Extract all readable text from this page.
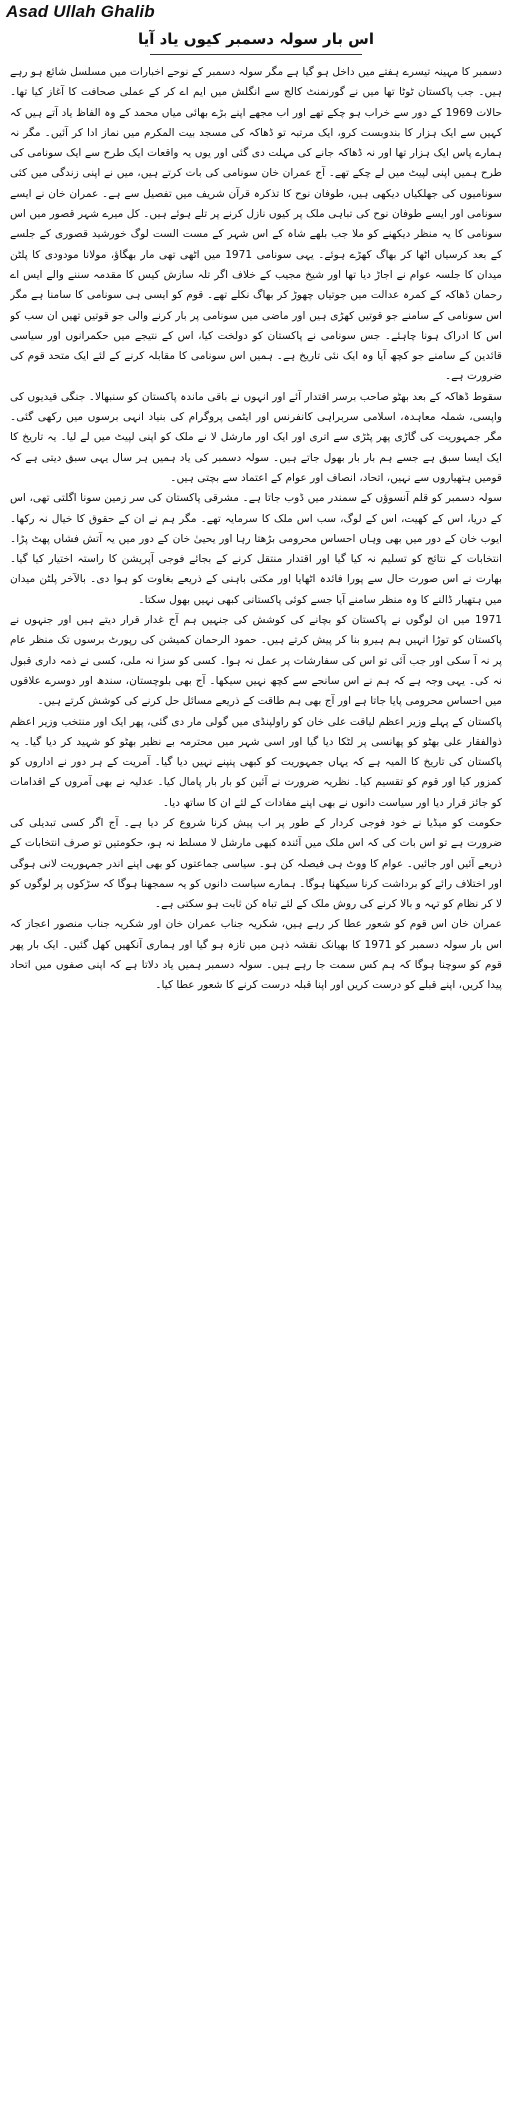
Asad Ullah Ghalib
اس بار سولہ دسمبر کیوں یاد آیا

دسمبر کا مہینہ تیسرے ہفتے میں داخل ہو گیا ہے مگر سولہ دسمبر کے نوحے اخبارات میں مسلسل شائع ہو رہے ہیں۔ جب پاکستان ٹوٹا تھا میں نے گورنمنٹ کالج سے انگلش میں ایم اے کر کے عملی صحافت کا آغاز کیا تھا۔ حالات 1969 کے دور سے خراب ہو چکے تھے اور اب مجھے اپنے بڑے بھائی میاں محمد کے وہ الفاظ یاد آتے ہیں کہ کہیں سے ایک ہزار کا بندوبست کرو، ایک مرتبہ تو ڈھاکہ کی مسجد بیت المکرم میں نماز ادا کر آئیں۔ مگر نہ ہمارے پاس ایک ہزار تھا اور نہ ڈھاکہ جانے کی مہلت دی گئی اور یوں یہ واقعات ایک طرح سے ایک سونامی کی طرح ہمیں اپنی لپیٹ میں لے چکے تھے۔ آج عمران خان سونامی کی بات کرتے ہیں، میں نے اپنی زندگی میں کئی سونامیوں کی جھلکیاں دیکھی ہیں، طوفان نوح کا تذکرہ قرآن شریف میں تفصیل سے ہے۔ عمران خان نے ایسے سونامی اور ایسے طوفان نوح کی تباہی ملک پر کیوں نازل کرنے پر تلے ہوئے ہیں۔ کل میرے شہر قصور میں اس سونامی کا یہ منظر دیکھنے کو ملا جب بلھے شاہ کے اس شہر کے مست الست لوگ خورشید قصوری کے جلسے کے بعد کرسیاں اٹھا کر بھاگ کھڑے ہوئے۔ یہی سونامی 1971 میں اٹھی تھی مار بھگاؤ، مولانا مودودی کا پلٹن میدان کا جلسہ عوام نے اجاڑ دیا تھا اور شیخ مجیب کے خلاف اگر تلہ سازش کیس کا مقدمہ سننے والے ایس اے رحمان ڈھاکہ کے کمرہ عدالت میں جوتیاں چھوڑ کر بھاگ نکلے تھے۔ قوم کو ایسی ہی سونامی کا سامنا ہے مگر اس سونامی کے سامنے جو قوتیں کھڑی ہیں اور ماضی میں سونامی پر بار کرنے والی جو قوتیں تھیں ان سب کو اس کا ادراک ہونا چاہئے۔ جس سونامی نے پاکستان کو دولخت کیا، اس کے نتیجے میں حکمرانوں اور سیاسی قائدین کے سامنے جو کچھ آیا وہ ایک نئی تاریخ ہے۔ ہمیں اس سونامی کا مقابلہ کرنے کے لئے ایک متحد قوم کی ضرورت ہے۔

سقوط ڈھاکہ کے بعد بھٹو صاحب برسر اقتدار آئے اور انہوں نے باقی ماندہ پاکستان کو سنبھالا۔ جنگی قیدیوں کی واپسی، شملہ معاہدہ، اسلامی سربراہی کانفرنس اور ایٹمی پروگرام کی بنیاد انہی برسوں میں رکھی گئی۔ مگر جمہوریت کی گاڑی پھر پٹڑی سے اتری اور ایک اور مارشل لا نے ملک کو اپنی لپیٹ میں لے لیا۔ یہ تاریخ کا ایک ایسا سبق ہے جسے ہم بار بار بھول جاتے ہیں۔ سولہ دسمبر کی یاد ہمیں ہر سال یہی سبق دیتی ہے کہ قومیں ہتھیاروں سے نہیں، اتحاد، انصاف اور عوام کے اعتماد سے بچتی ہیں۔

سولہ دسمبر کو قلم آنسوؤں کے سمندر میں ڈوب جاتا ہے۔ مشرقی پاکستان کی سر زمین سونا اگلتی تھی، اس کے دریا، اس کے کھیت، اس کے لوگ، سب اس ملک کا سرمایہ تھے۔ مگر ہم نے ان کے حقوق کا خیال نہ رکھا۔ ایوب خان کے دور میں بھی وہاں احساس محرومی بڑھتا رہا اور یحییٰ خان کے دور میں یہ آتش فشاں پھٹ پڑا۔ انتخابات کے نتائج کو تسلیم نہ کیا گیا اور اقتدار منتقل کرنے کے بجائے فوجی آپریشن کا راستہ اختیار کیا گیا۔ بھارت نے اس صورت حال سے پورا فائدہ اٹھایا اور مکتی باہنی کے ذریعے بغاوت کو ہوا دی۔ بالآخر پلٹن میدان میں ہتھیار ڈالنے کا وہ منظر سامنے آیا جسے کوئی پاکستانی کبھی نہیں بھول سکتا۔

1971 میں ان لوگوں نے پاکستان کو بچانے کی کوشش کی جنہیں ہم آج غدار قرار دیتے ہیں اور جنہوں نے پاکستان کو توڑا انہیں ہم ہیرو بنا کر پیش کرتے ہیں۔ حمود الرحمان کمیشن کی رپورٹ برسوں تک منظر عام پر نہ آ سکی اور جب آئی تو اس کی سفارشات پر عمل نہ ہوا۔ کسی کو سزا نہ ملی، کسی نے ذمہ داری قبول نہ کی۔ یہی وجہ ہے کہ ہم نے اس سانحے سے کچھ نہیں سیکھا۔ آج بھی بلوچستان، سندھ اور دوسرے علاقوں میں احساس محرومی پایا جاتا ہے اور آج بھی ہم طاقت کے ذریعے مسائل حل کرنے کی کوشش کرتے ہیں۔

پاکستان کے پہلے وزیر اعظم لیاقت علی خان کو راولپنڈی میں گولی مار دی گئی، پھر ایک اور منتخب وزیر اعظم ذوالفقار علی بھٹو کو پھانسی پر لٹکا دیا گیا اور اسی شہر میں محترمہ بے نظیر بھٹو کو شہید کر دیا گیا۔ یہ پاکستان کی تاریخ کا المیہ ہے کہ یہاں جمہوریت کو کبھی پنپنے نہیں دیا گیا۔ آمریت کے ہر دور نے اداروں کو کمزور کیا اور قوم کو تقسیم کیا۔ نظریہ ضرورت نے آئین کو بار بار پامال کیا۔ عدلیہ نے بھی آمروں کے اقدامات کو جائز قرار دیا اور سیاست دانوں نے بھی اپنے مفادات کے لئے ان کا ساتھ دیا۔

حکومت کو میڈیا نے خود فوجی کردار کے طور پر اب پیش کرنا شروع کر دیا ہے۔ آج اگر کسی تبدیلی کی ضرورت ہے تو اس بات کی کہ اس ملک میں آئندہ کبھی مارشل لا مسلط نہ ہو، حکومتیں تو صرف انتخابات کے ذریعے آئیں اور جائیں۔ عوام کا ووٹ ہی فیصلہ کن ہو۔ سیاسی جماعتوں کو بھی اپنے اندر جمہوریت لانی ہوگی اور اختلاف رائے کو برداشت کرنا سیکھنا ہوگا۔ ہمارے سیاست دانوں کو یہ سمجھنا ہوگا کہ سڑکوں پر لوگوں کو لا کر نظام کو تہہ و بالا کرنے کی روش ملک کے لئے تباہ کن ثابت ہو سکتی ہے۔

عمران خان اس قوم کو شعور عطا کر رہے ہیں، شکریہ جناب عمران خان اور شکریہ جناب منصور اعجاز کہ اس بار سولہ دسمبر کو 1971 کا بھیانک نقشہ ذہن میں تازہ ہو گیا اور ہماری آنکھیں کھل گئیں۔ ایک بار پھر قوم کو سوچنا ہوگا کہ ہم کس سمت جا رہے ہیں۔ سولہ دسمبر ہمیں یاد دلاتا ہے کہ اپنی صفوں میں اتحاد پیدا کریں، اپنے قبلے کو درست کریں اور اپنا قبلہ درست کرنے کا شعور عطا کیا۔
